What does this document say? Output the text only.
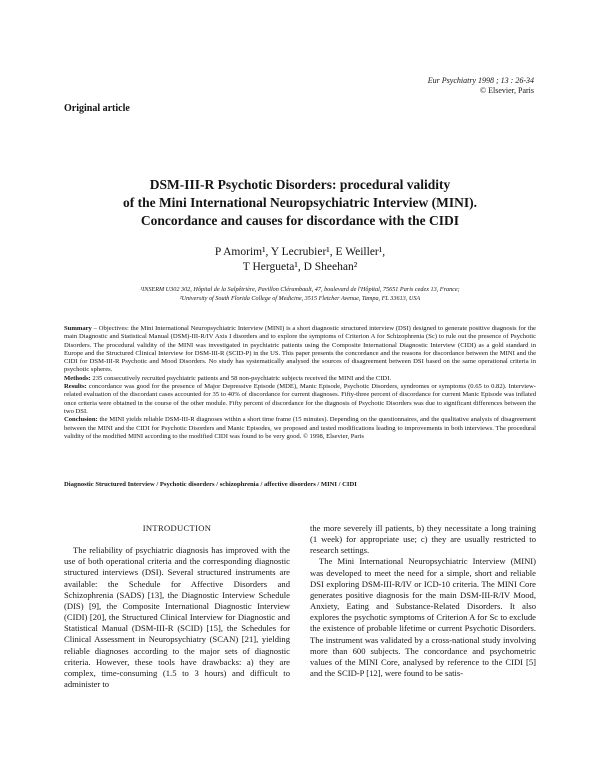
Eur Psychiatry 1998 ; 13 : 26-34
© Elsevier, Paris
Original article
DSM-III-R Psychotic Disorders: procedural validity
of the Mini International Neuropsychiatric Interview (MINI).
Concordance and causes for discordance with the CIDI
P Amorim¹, Y Lecrubier¹, E Weiller¹,
T Hergueta¹, D Sheehan²
¹INSERM U302 302, Hôpital de la Salpêtrière, Pavillon Clérambault, 47, boulevard de l'Hôpital, 75651 Paris cedex 13, France;
²University of South Florida College of Medicine, 3515 Fletcher Avenue, Tampa, FL 33613, USA

Summary – Objectives: the Mini International Neuropsychiatric Interview (MINI) is a short diagnostic structured interview (DSI) designed to generate positive diagnosis for the main Diagnostic and Statistical Manual (DSM)-III-R/IV Axis I disorders and to explore the symptoms of Criterion A for Schizophrenia (Sc) to rule out the presence of Psychotic Disorders. The procedural validity of the MINI was investigated in psychiatric patients using the Composite International Diagnostic Interview (CIDI) as a gold standard in Europe and the Structured Clinical Interview for DSM-III-R (SCID-P) in the US. This paper presents the concordance and the reasons for discordance between the MINI and the CIDI for DSM-III-R Psychotic and Mood Disorders. No study has systematically analysed the sources of disagreement between DSI based on the same operational criteria in psychotic spheres.

Methods: 235 consecutively recruited psychiatric patients and 58 non-psychiatric subjects received the MINI and the CIDI.

Results: concordance was good for the presence of Major Depressive Episode (MDE), Manic Episode, Psychotic Disorders, syndromes or symptoms (0.65 to 0.82). Interview-related evaluation of the discordant cases accounted for 35 to 40% of discordance for current diagnoses. Fifty-three percent of discordance for current Manic Episode was inflated once criteria were obtained in the course of the other module. Fifty percent of discordance for the diagnosis of Psychotic Disorders was due to significant differences between the two DSI.

Conclusion: the MINI yields reliable DSM-III-R diagnoses within a short time frame (15 minutes). Depending on the questionnaires, and the qualitative analysis of disagreement between the MINI and the CIDI for Psychotic Disorders and Manic Episodes, we proposed and tested modifications leading to improvements in both interviews. The procedural validity of the modified MINI according to the modified CIDI was found to be very good. © 1998, Elsevier, Paris

Diagnostic Structured Interview / Psychotic disorders / schizophrenia / affective disorders / MINI / CIDI

INTRODUCTION

The reliability of psychiatric diagnosis has improved with the use of both operational criteria and the corresponding diagnostic structured interviews (DSI). Several structured instruments are available: the Schedule for Affective Disorders and Schizophrenia (SADS) [13], the Diagnostic Interview Schedule (DIS) [9], the Composite International Diagnostic Interview (CIDI) [20], the Structured Clinical Interview for Diagnostic and Statistical Manual (DSM-III-R (SCID) [15], the Schedules for Clinical Assessment in Neuropsychiatry (SCAN) [21], yielding reliable diagnoses according to the major sets of diagnostic criteria. However, these tools have drawbacks: a) they are complex, time-consuming (1.5 to 3 hours) and difficult to administer to

the more severely ill patients, b) they necessitate a long training (1 week) for appropriate use; c) they are usually restricted to research settings.

The Mini International Neuropsychiatric Interview (MINI) was developed to meet the need for a simple, short and reliable DSI exploring DSM-III-R/IV or ICD-10 criteria. The MINI Core generates positive diagnosis for the main DSM-III-R/IV Mood, Anxiety, Eating and Substance-Related Disorders. It also explores the psychotic symptoms of Criterion A for Sc to exclude the existence of probable lifetime or current Psychotic Disorders. The instrument was validated by a cross-national study involving more than 600 subjects. The concordance and psychometric values of the MINI Core, analysed by reference to the CIDI [5] and the SCID-P [12], were found to be satis-
